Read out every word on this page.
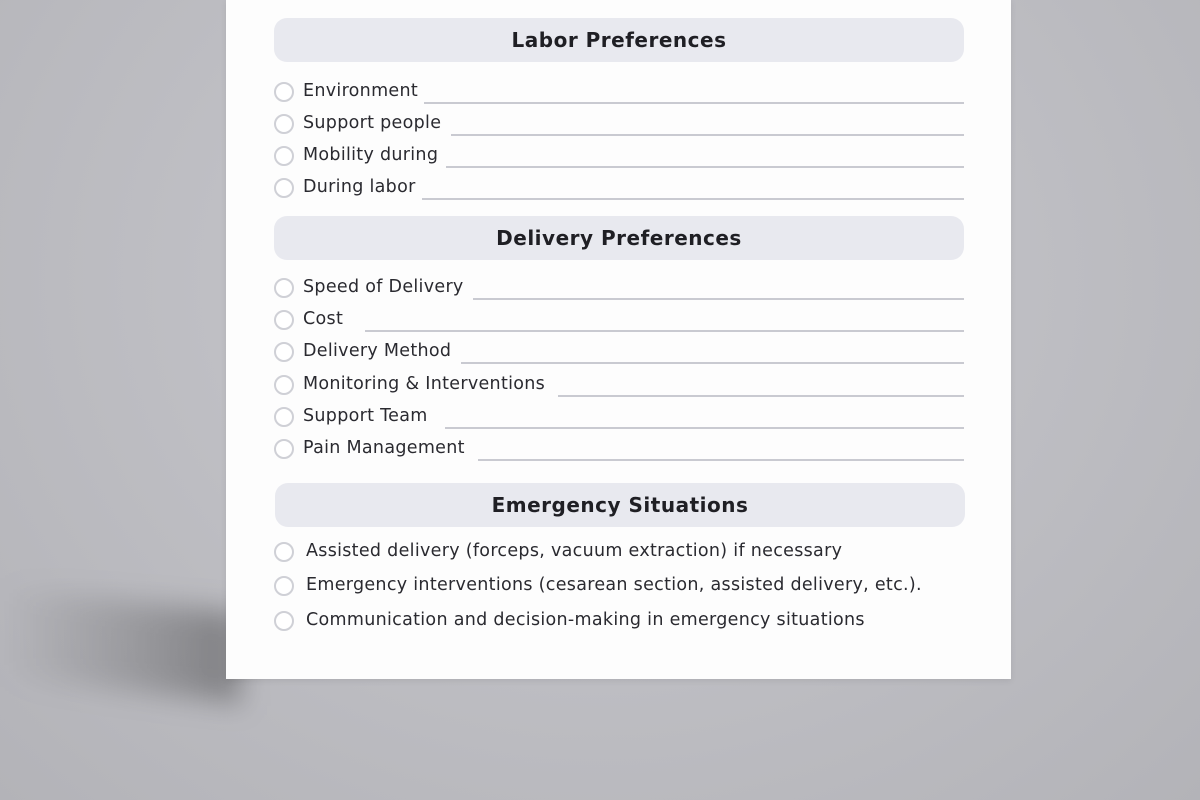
Labor Preferences
Environment
Support people
Mobility during
During labor
Delivery Preferences
Speed of Delivery
Cost
Delivery Method
Monitoring & Interventions
Support Team
Pain Management
Emergency Situations
Assisted delivery (forceps, vacuum extraction) if necessary
Emergency interventions (cesarean section, assisted delivery, etc.).
Communication and decision-making in emergency situations
